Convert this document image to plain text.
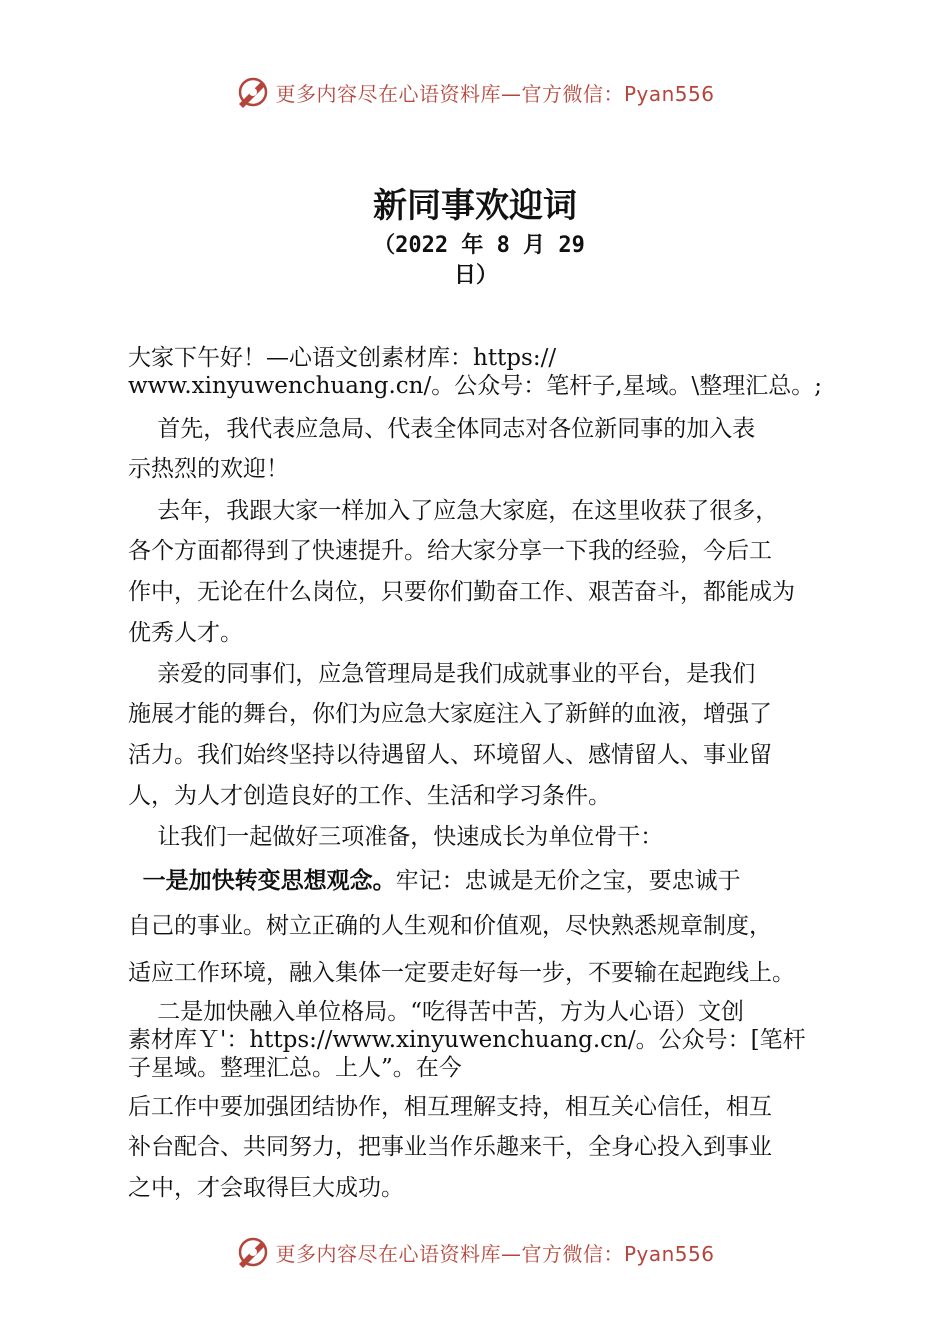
更多内容尽在心语资料库—官方微信：Pyan556
新同事欢迎词
（2022 年 8 月 29
日）
大家下午好！—心语文创素材库：https://
www.xinyuwenchuang.cn/。公众号：笔杆子,星域。\整理汇总。;
首先，我代表应急局、代表全体同志对各位新同事的加入表
示热烈的欢迎！
去年，我跟大家一样加入了应急大家庭，在这里收获了很多，
各个方面都得到了快速提升。给大家分享一下我的经验，今后工
作中，无论在什么岗位，只要你们勤奋工作、艰苦奋斗，都能成为
优秀人才。
亲爱的同事们，应急管理局是我们成就事业的平台，是我们
施展才能的舞台，你们为应急大家庭注入了新鲜的血液，增强了
活力。我们始终坚持以待遇留人、环境留人、感情留人、事业留
人，为人才创造良好的工作、生活和学习条件。
让我们一起做好三项准备，快速成长为单位骨干：
一是加快转变思想观念。牢记：忠诚是无价之宝，要忠诚于
自己的事业。树立正确的人生观和价值观，尽快熟悉规章制度，
适应工作环境，融入集体一定要走好每一步，不要输在起跑线上。
二是加快融入单位格局。“吃得苦中苦，方为人心语）文创
素材库Ｙ'：https://www.xinyuwenchuang.cn/。公众号：[笔杆
子星域。整理汇总。上人”。在今
后工作中要加强团结协作，相互理解支持，相互关心信任，相互
补台配合、共同努力，把事业当作乐趣来干，全身心投入到事业
之中，才会取得巨大成功。
更多内容尽在心语资料库—官方微信：Pyan556
